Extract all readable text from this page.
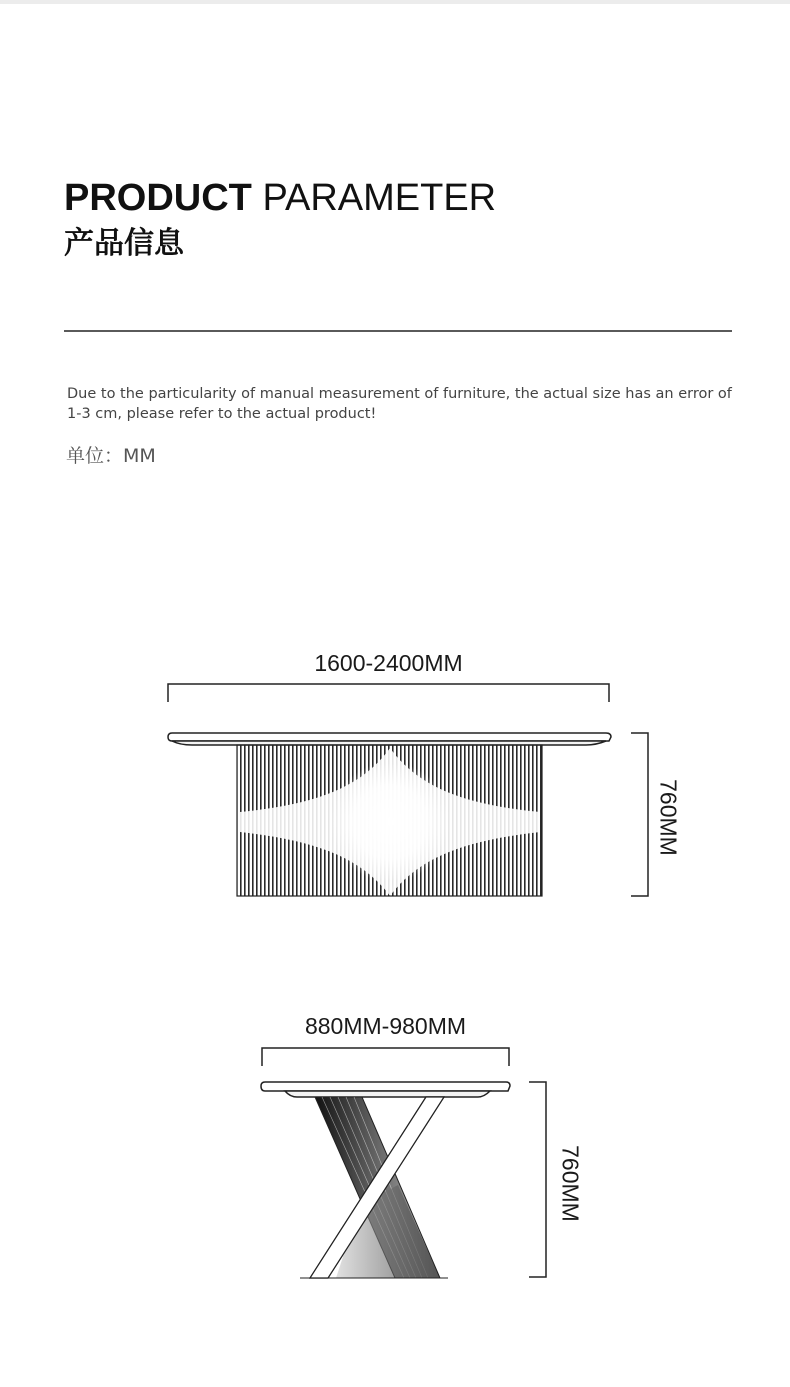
PRODUCT PARAMETER
产品信息
Due to the particularity of manual measurement of furniture, the actual size has an error of 1-3 cm, please refer to the actual product!
单位：MM
1600-2400MM
760MM
880MM-980MM
760MM
